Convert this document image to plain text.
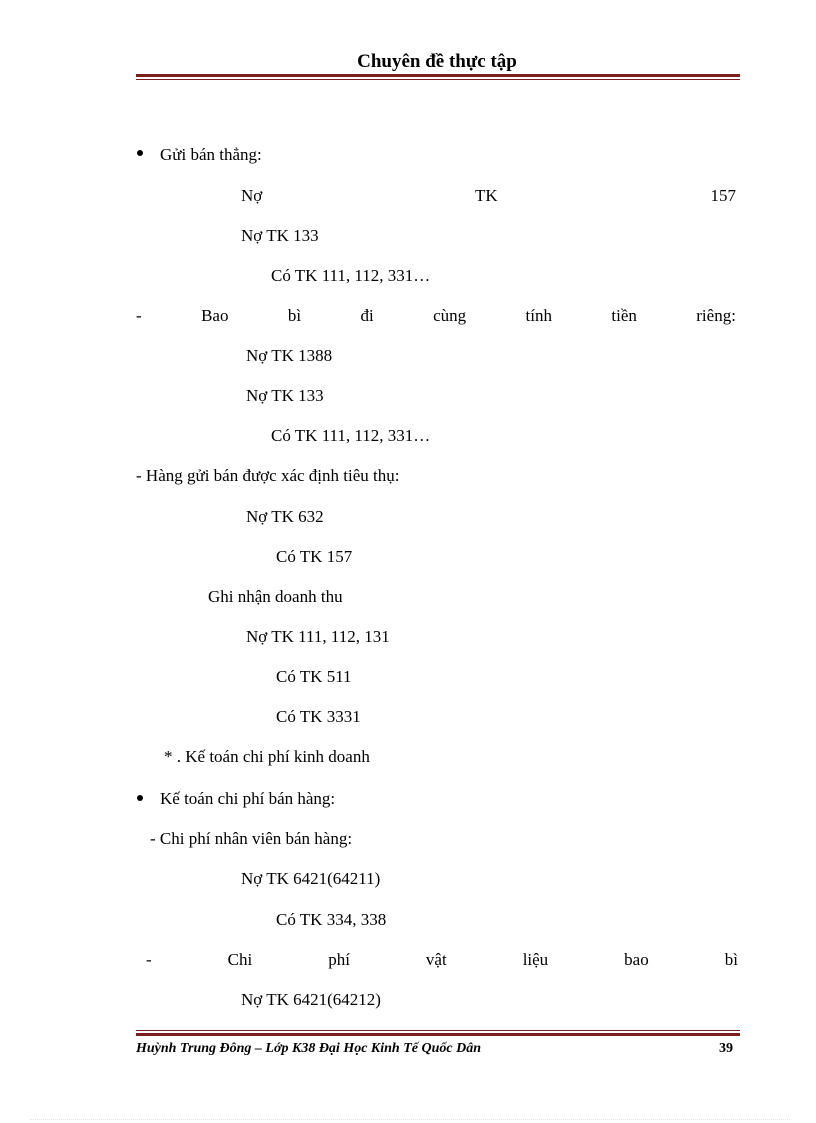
Chuyên đề thực tập
Gửi bán thẳng:
Nợ	TK	157
Nợ TK 133
Có TK 111, 112, 331…
-	Bao	bì	đi	cùng	tính	tiền	riêng:
Nợ TK 1388
Nợ TK 133
Có TK 111, 112, 331…
- Hàng gửi bán được xác định tiêu thụ:
Nợ TK 632
Có TK 157
Ghi nhận doanh thu
Nợ TK 111, 112, 131
Có TK 511
Có TK 3331
* . Kế toán chi phí kinh doanh
Kế toán chi phí bán hàng:
- Chi phí nhân viên bán hàng:
Nợ TK 6421(64211)
Có TK 334, 338
-	Chi	phí	vật	liệu	bao	bì
Nợ TK 6421(64212)
Huỳnh Trung Đông – Lớp K38 Đại Học Kinh Tế Quốc Dân	39
